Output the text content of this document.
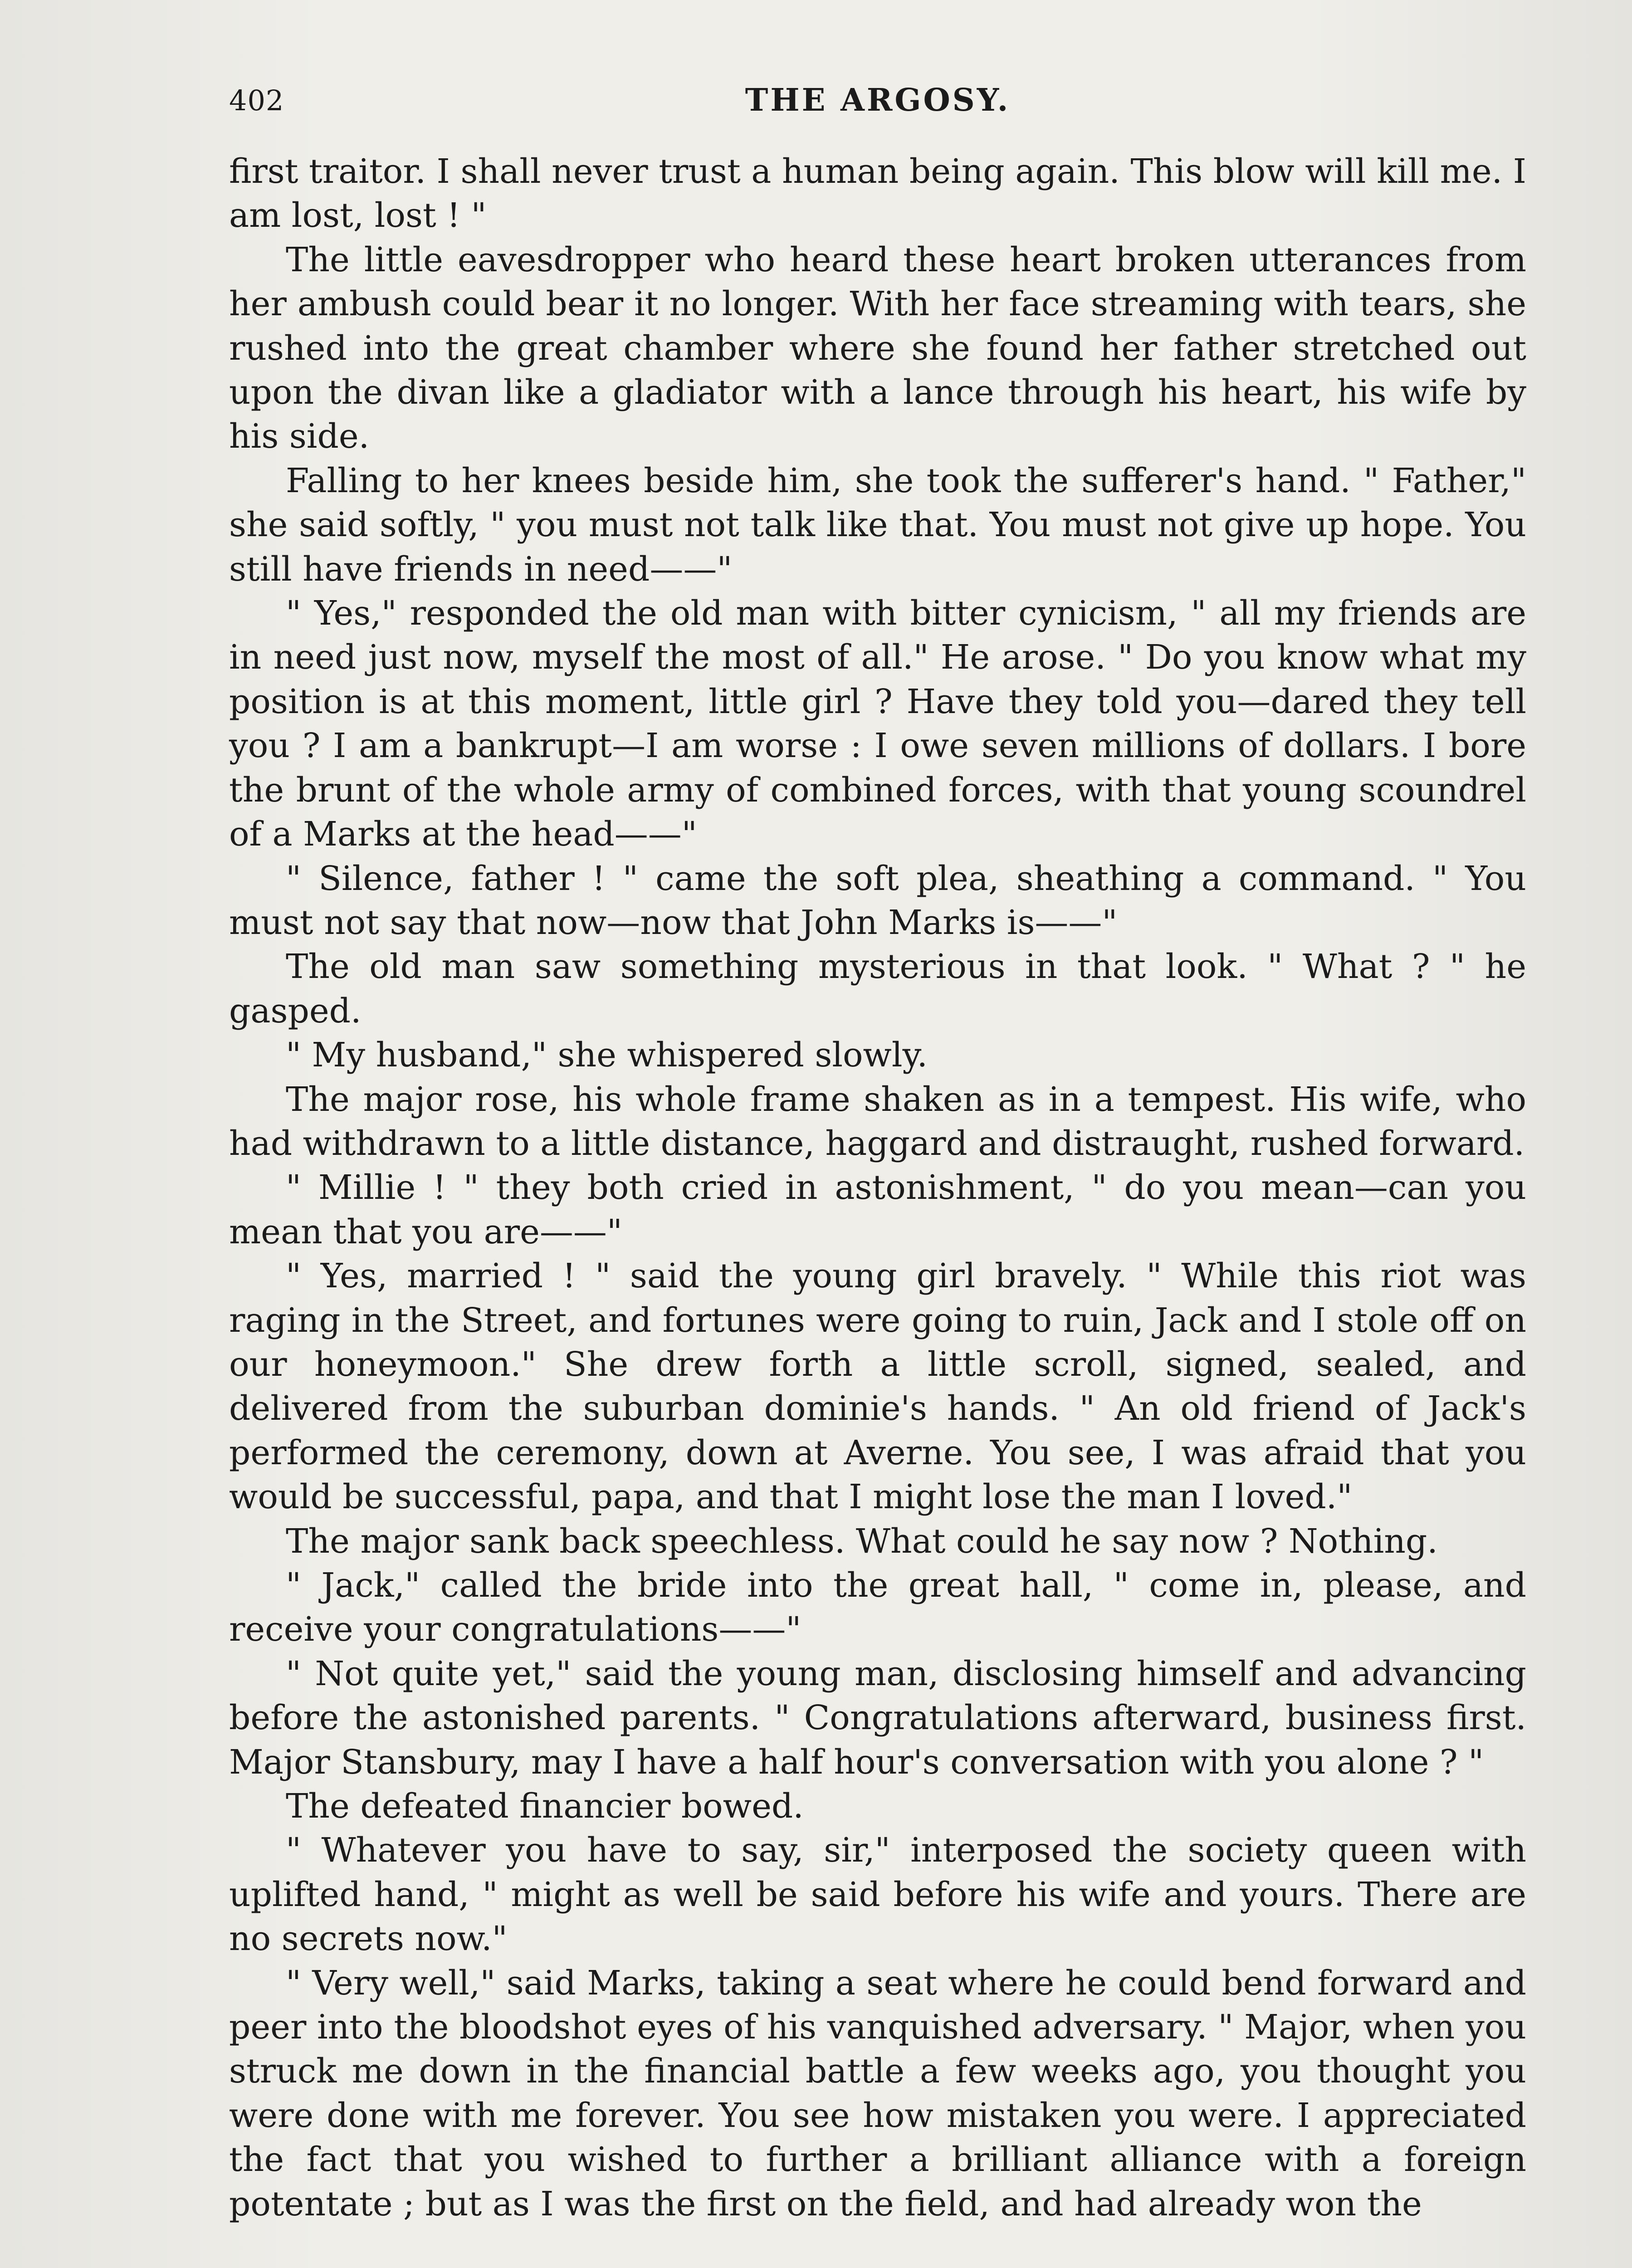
402	THE ARGOSY.

first traitor. I shall never trust a human being again. This blow will kill me. I am lost, lost ! "

The little eavesdropper who heard these heart broken utterances from her ambush could bear it no longer. With her face streaming with tears, she rushed into the great chamber where she found her father stretched out upon the divan like a gladiator with a lance through his heart, his wife by his side.

Falling to her knees beside him, she took the sufferer's hand. " Father," she said softly, " you must not talk like that. You must not give up hope. You still have friends in need——"

" Yes," responded the old man with bitter cynicism, " all my friends are in need just now, myself the most of all." He arose. " Do you know what my position is at this moment, little girl ? Have they told you—dared they tell you ? I am a bankrupt—I am worse : I owe seven millions of dollars. I bore the brunt of the whole army of combined forces, with that young scoundrel of a Marks at the head——"

" Silence, father ! " came the soft plea, sheathing a command. " You must not say that now—now that John Marks is——"

The old man saw something mysterious in that look. " What ? " he gasped.

" My husband," she whispered slowly.

The major rose, his whole frame shaken as in a tempest. His wife, who had withdrawn to a little distance, haggard and distraught, rushed forward.

" Millie ! " they both cried in astonishment, " do you mean—can you mean that you are——"

" Yes, married ! " said the young girl bravely. " While this riot was raging in the Street, and fortunes were going to ruin, Jack and I stole off on our honeymoon." She drew forth a little scroll, signed, sealed, and delivered from the suburban dominie's hands. " An old friend of Jack's performed the ceremony, down at Averne. You see, I was afraid that you would be successful, papa, and that I might lose the man I loved."

The major sank back speechless. What could he say now ? Nothing.

" Jack," called the bride into the great hall, " come in, please, and receive your congratulations——"

" Not quite yet," said the young man, disclosing himself and advancing before the astonished parents. " Congratulations afterward, business first. Major Stansbury, may I have a half hour's conversation with you alone ? "

The defeated financier bowed.

" Whatever you have to say, sir," interposed the society queen with uplifted hand, " might as well be said before his wife and yours. There are no secrets now."

" Very well," said Marks, taking a seat where he could bend forward and peer into the bloodshot eyes of his vanquished adversary. " Major, when you struck me down in the financial battle a few weeks ago, you thought you were done with me forever. You see how mistaken you were. I appreciated the fact that you wished to further a brilliant alliance with a foreign potentate ; but as I was the first on the field, and had already won the
